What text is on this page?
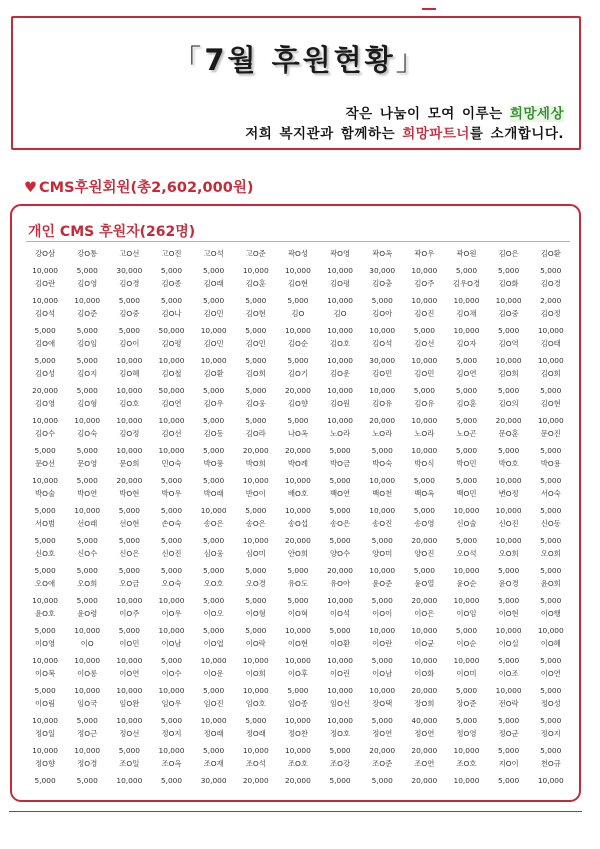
「7월 후원현황」
작은 나눔이 모여 이루는 희망세상
저희 복지관과 함께하는 희망파트너를 소개합니다.
♥ CMS후원회원(총2,602,000원)
개인 CMS 후원자(262명)
강O삼
10,000
강O통
5,000
고O선
30,000
고O진
5,000
고O석
5,000
고O준
10,000
곽O성
10,000
곽O영
10,000
곽O옥
30,000
곽O우
10,000
곽O원
5,000
김O은
5,000
김O환
5,000
김O란
10,000
김O영
10,000
김O경
5,000
김O종
5,000
김O래
5,000
김O훈
5,000
김O현
5,000
김O평
10,000
김O충
5,000
김O주
10,000
김우O경
10,000
김O화
10,000
김O경
2,000
김O석
5,000
김O준
5,000
김O중
5,000
김O나
50,000
김O민
10,000
김O현
5,000
김O
10,000
김O
10,000
김O아
10,000
김O진
5,000
김O채
10,000
김O중
5,000
김O정
10,000
김O애
5,000
김O임
5,000
김O이
10,000
김O평
10,000
김O민
10,000
김O민
5,000
김O순
5,000
김O호
10,000
김O석
30,000
김O선
10,000
김O자
5,000
김O역
10,000
김O태
10,000
김O성
20,000
김O지
5,000
김O혜
10,000
김O철
50,000
김O환
5,000
김O희
5,000
김O기
20,000
김O운
10,000
김O민
10,000
김O민
5,000
김O연
5,000
김O희
5,000
김O희
5,000
김O영
10,000
김O형
10,000
김O호
10,000
김O연
10,000
김O우
5,000
김O웅
5,000
김O향
5,000
김O원
10,000
김O유
20,000
김O유
10,000
김O훈
5,000
김O의
20,000
김O현
10,000
김O수
5,000
김O숙
5,000
김O정
10,000
김O선
10,000
김O동
5,000
김O라
20,000
나O옥
20,000
노O라
5,000
노O라
5,000
노O라
10,000
노O곤
5,000
문O훈
5,000
문O진
5,000
문O선
10,000
문O영
5,000
문O희
20,000
민O숙
5,000
박O풍
5,000
박O희
10,000
박O례
10,000
박O금
5,000
박O숙
10,000
박O식
5,000
박O민
5,000
박O호
10,000
박O용
5,000
박O술
5,000
박O연
10,000
박O현
5,000
박O우
5,000
박O래
10,000
반O이
5,000
배O호
10,000
백O연
5,000
백O천
10,000
백O옥
5,000
백O민
10,000
변O정
10,000
서O숙
5,000
서O범
5,000
선O래
5,000
선O현
5,000
손O숙
5,000
송O은
5,000
송O은
10,000
송O섭
20,000
송O은
5,000
송O진
5,000
송O영
20,000
신O술
5,000
신O진
10,000
신O동
5,000
신O호
5,000
신O수
5,000
신O은
5,000
신O진
5,000
심O웅
5,000
심O미
5,000
안O희
5,000
양O수
20,000
양O미
10,000
양O진
5,000
오O석
10,000
오O희
5,000
오O희
5,000
오O애
10,000
오O희
5,000
오O금
10,000
오O숙
10,000
오O호
5,000
오O경
5,000
유O도
5,000
유O아
10,000
윤O준
5,000
윤O열
20,000
윤O순
10,000
윤O경
5,000
윤O희
5,000
윤O호
5,000
윤O령
10,000
이O주
5,000
이O우
10,000
이O오
5,000
이O형
5,000
이O혁
10,000
이O석
5,000
이O이
10,000
이O은
10,000
이O임
5,000
이O현
10,000
이O행
10,000
이O영
10,000
이O
10,000
이O민
10,000
이O남
5,000
이O엽
10,000
이O락
10,000
이O현
10,000
이O환
10,000
이O란
5,000
이O균
10,000
이O순
10,000
이O실
5,000
이O혜
5,000
이O복
5,000
이O롱
10,000
이O연
10,000
이O수
10,000
이O운
5,000
이O희
10,000
이O후
5,000
이O린
10,000
이O남
10,000
이O화
20,000
이O미
5,000
이O조
10,000
이O연
5,000
이O림
10,000
임O국
5,000
임O완
10,000
임O우
5,000
임O진
10,000
임O호
5,000
임O종
10,000
임O신
10,000
장O택
5,000
장O희
40,000
장O준
5,000
전O락
5,000
정O성
5,000
정O일
10,000
정O근
10,000
정O선
5,000
정O지
10,000
정O래
5,000
정O래
10,000
정O찬
10,000
정O호
5,000
정O연
20,000
정O연
20,000
정O영
10,000
정O군
5,000
정O지
5,000
정O향
5,000
정O경
5,000
조O일
10,000
조O옥
5,000
조O재
30,000
조O석
20,000
조O호
20,000
조O강
5,000
조O준
5,000
조O연
20,000
조O호
10,000
지O이
5,000
천O규
10,000
